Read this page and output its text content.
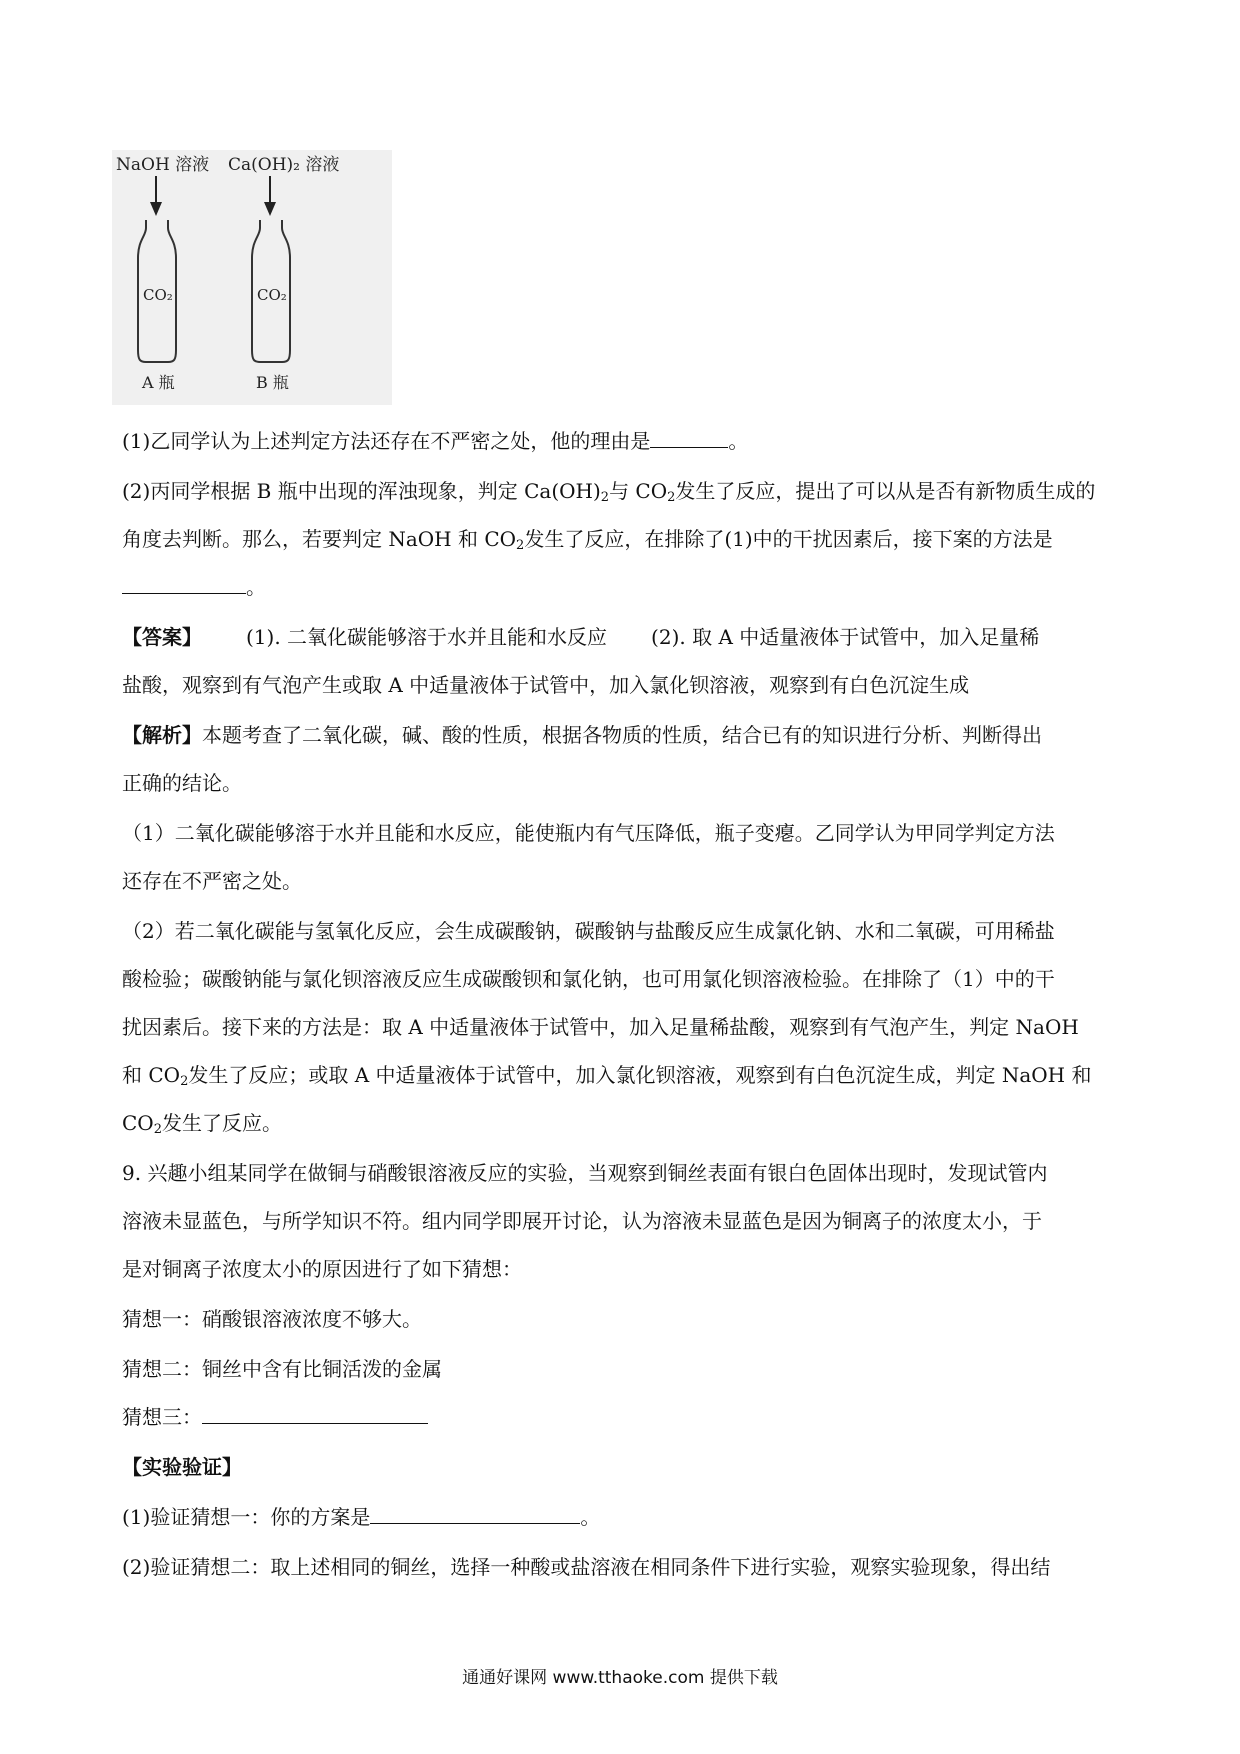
NaOH 溶液 Ca(OH)₂ 溶液
CO₂	CO₂
A 瓶	B 瓶
(1)乙同学认为上述判定方法还存在不严密之处，他的理由是	。
(2)丙同学根据 B 瓶中出现的浑浊现象，判定 $Ca(OH)_2$与 $CO_2$发生了反应，提出了可以从是否有新物质生成的
角度去判断。那么，若要判定 NaOH 和 $CO_2$发生了反应，在排除了(1)中的干扰因素后，接下案的方法是
。
【答案】 (1). 二氧化碳能够溶于水并且能和水反应 (2). 取 A 中适量液体于试管中，加入足量稀
盐酸，观察到有气泡产生或取 A 中适量液体于试管中，加入氯化钡溶液，观察到有白色沉淀生成
【解析】本题考查了二氧化碳，碱、酸的性质，根据各物质的性质，结合已有的知识进行分析、判断得出
正确的结论。
（1）二氧化碳能够溶于水并且能和水反应，能使瓶内有气压降低，瓶子变瘪。乙同学认为甲同学判定方法
还存在不严密之处。
（2）若二氧化碳能与氢氧化反应，会生成碳酸钠，碳酸钠与盐酸反应生成氯化钠、水和二氧碳，可用稀盐
酸检验；碳酸钠能与氯化钡溶液反应生成碳酸钡和氯化钠，也可用氯化钡溶液检验。在排除了（1）中的干
扰因素后。接下来的方法是：取 A 中适量液体于试管中，加入足量稀盐酸，观察到有气泡产生，判定 NaOH
和 $CO_2$发生了反应；或取 A 中适量液体于试管中，加入氯化钡溶液，观察到有白色沉淀生成，判定 NaOH 和
$CO_2$发生了反应。
9. 兴趣小组某同学在做铜与硝酸银溶液反应的实验，当观察到铜丝表面有银白色固体出现时，发现试管内
溶液未显蓝色，与所学知识不符。组内同学即展开讨论，认为溶液未显蓝色是因为铜离子的浓度太小，于
是对铜离子浓度太小的原因进行了如下猜想：
猜想一：硝酸银溶液浓度不够大。
猜想二：铜丝中含有比铜活泼的金属
猜想三：
【实验验证】
(1)验证猜想一：你的方案是	。
(2)验证猜想二：取上述相同的铜丝，选择一种酸或盐溶液在相同条件下进行实验，观察实验现象，得出结
通通好课网 www.tthaoke.com 提供下载
